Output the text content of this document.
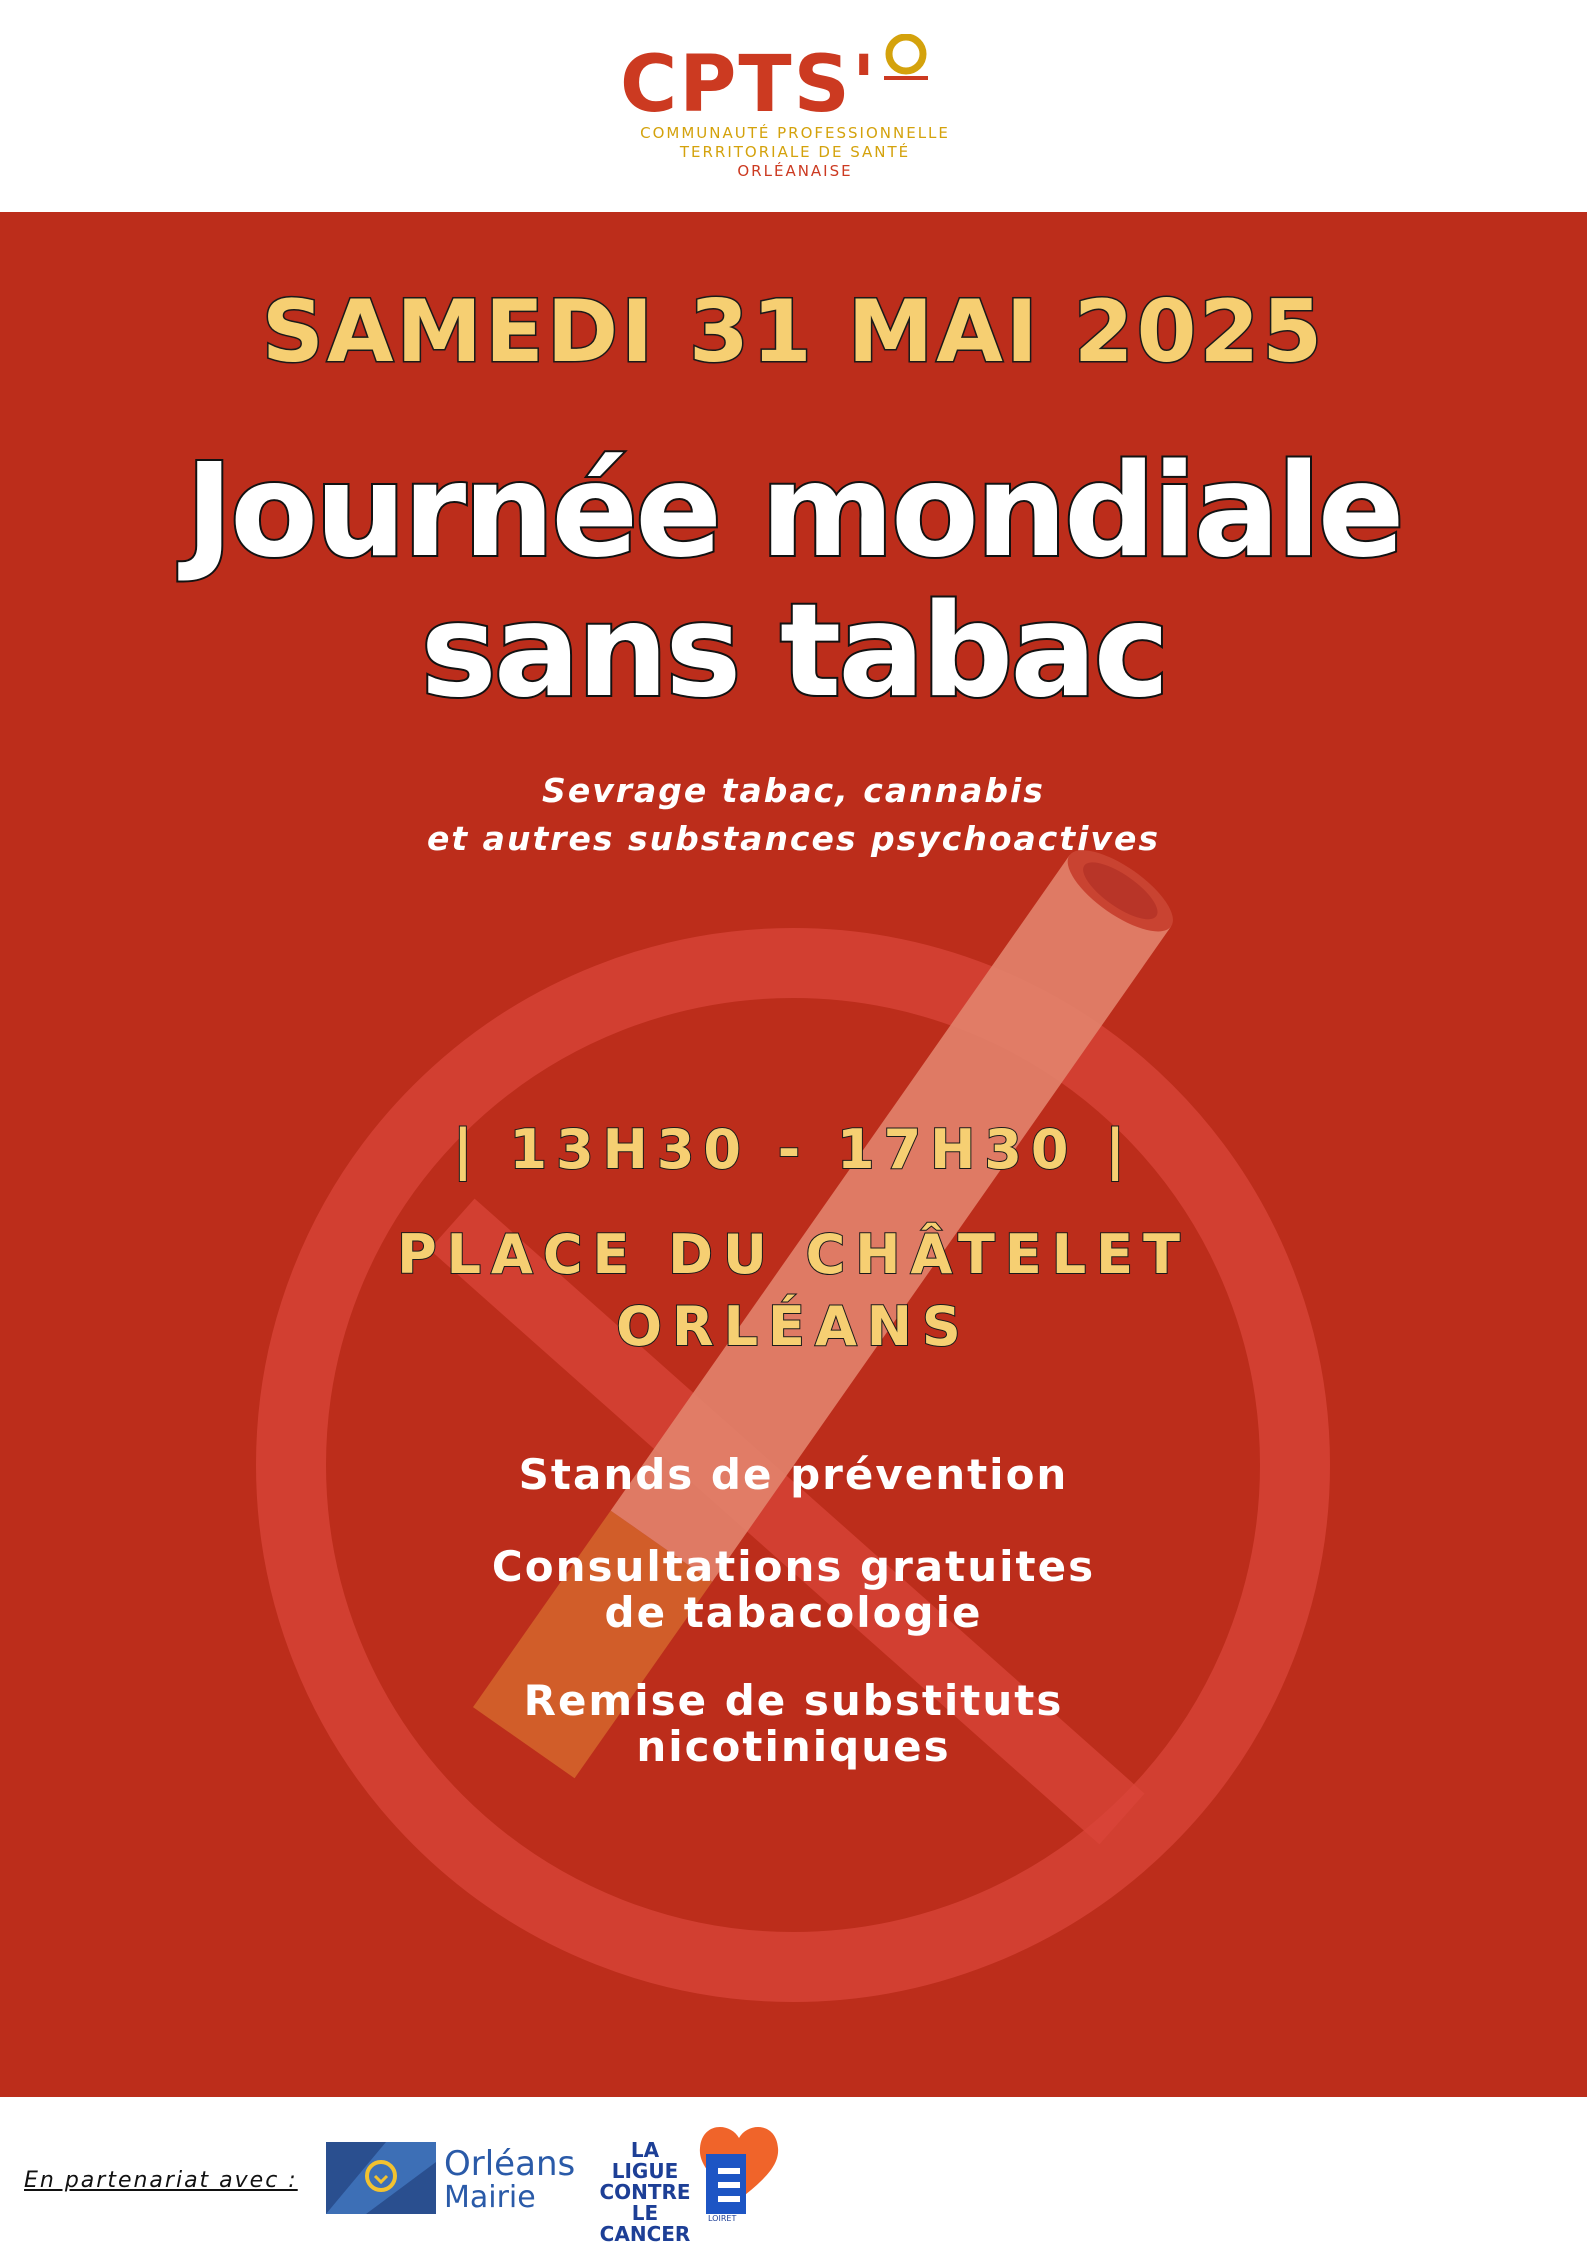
CPTS'
COMMUNAUTÉ PROFESSIONNELLE
TERRITORIALE DE SANTÉ
ORLÉANAISE
SAMEDI 31 MAI 2025
Journée mondiale
sans tabac
Sevrage tabac, cannabis
et autres substances psychoactives
| 13H30 - 17H30 |
PLACE DU CHÂTELET
ORLÉANS
Stands de prévention
Consultations gratuites
de tabacologie
Remise de substituts
nicotiniques
En partenariat avec :	Orléans
Mairie
LA LIGUE
CONTRE
LE CANCER
LOIRET
